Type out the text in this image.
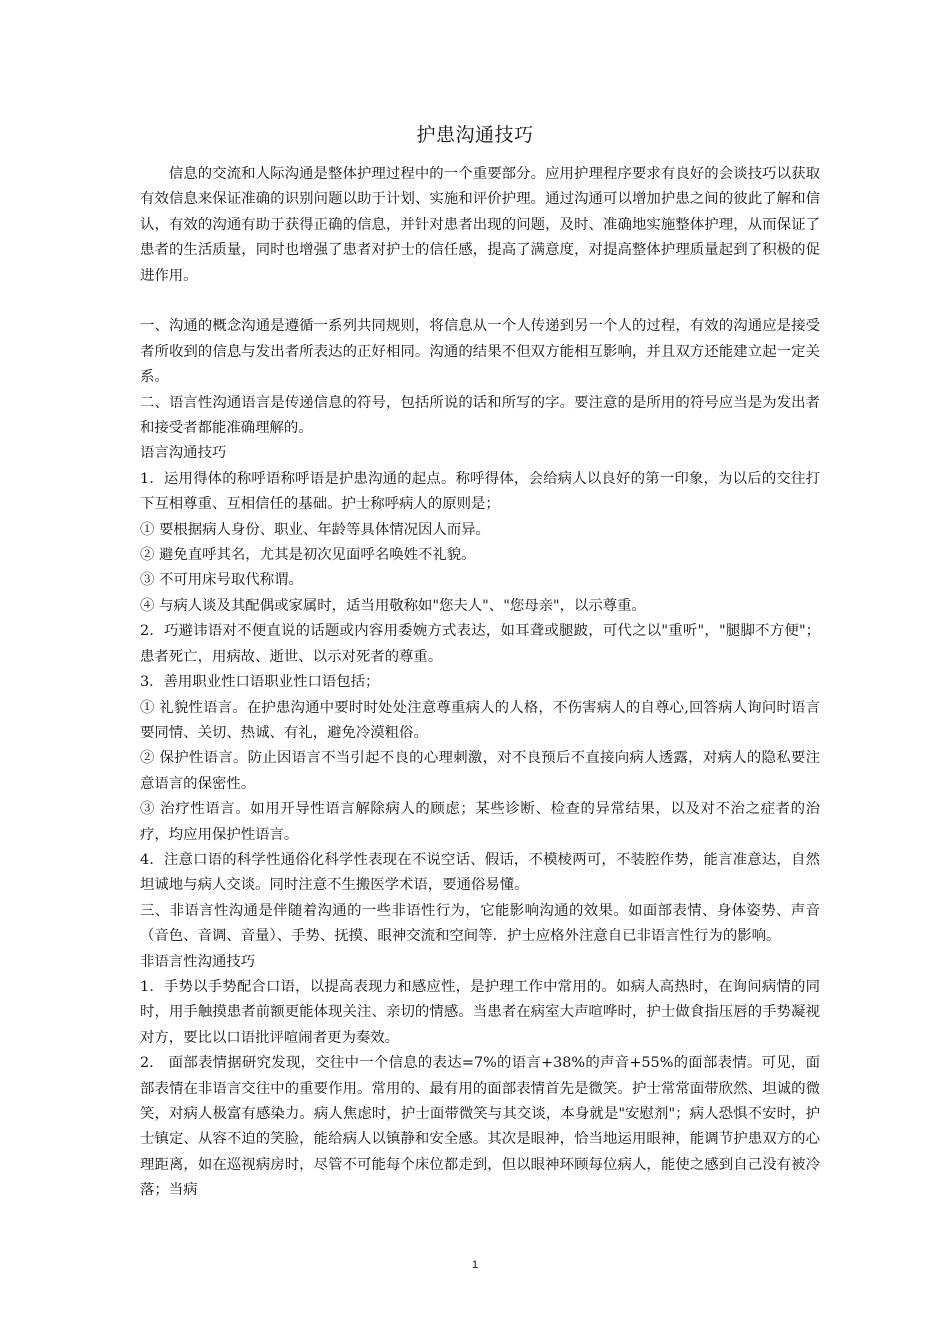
护患沟通技巧

信息的交流和人际沟通是整体护理过程中的一个重要部分。应用护理程序要求有良好的会谈技巧以获取有效信息来保证准确的识别问题以助于计划、实施和评价护理。通过沟通可以增加护患之间的彼此了解和信认，有效的沟通有助于获得正确的信息，并针对患者出现的问题，及时、准确地实施整体护理，从而保证了患者的生活质量，同时也增强了患者对护士的信任感，提高了满意度，对提高整体护理质量起到了积极的促进作用。

一、沟通的概念沟通是遵循一系列共同规则，将信息从一个人传递到另一个人的过程，有效的沟通应是接受者所收到的信息与发出者所表达的正好相同。沟通的结果不但双方能相互影响，并且双方还能建立起一定关系。

二、语言性沟通语言是传递信息的符号，包括所说的话和所写的字。要注意的是所用的符号应当是为发出者和接受者都能准确理解的。

语言沟通技巧

1．运用得体的称呼语称呼语是护患沟通的起点。称呼得体，会给病人以良好的第一印象，为以后的交往打下互相尊重、互相信任的基础。护士称呼病人的原则是；

① 要根据病人身份、职业、年龄等具体情况因人而异。

② 避免直呼其名，尤其是初次见面呼名唤姓不礼貌。

③ 不可用床号取代称谓。

④ 与病人谈及其配偶或家属时，适当用敬称如"您夫人"、"您母亲"，以示尊重。

2．巧避讳语对不便直说的话题或内容用委婉方式表达，如耳聋或腿跛，可代之以"重听"，"腿脚不方便"；患者死亡，用病故、逝世、以示对死者的尊重。

3．善用职业性口语职业性口语包括；

① 礼貌性语言。在护患沟通中要时时处处注意尊重病人的人格，不伤害病人的自尊心,回答病人询问时语言要同情、关切、热诚、有礼，避免冷漠粗俗。

② 保护性语言。防止因语言不当引起不良的心理刺激，对不良预后不直接向病人透露，对病人的隐私要注意语言的保密性。

③ 治疗性语言。如用开导性语言解除病人的顾虑；某些诊断、检查的异常结果，以及对不治之症者的治疗，均应用保护性语言。

4．注意口语的科学性通俗化科学性表现在不说空话、假话，不模棱两可，不装腔作势，能言准意达，自然坦诚地与病人交谈。同时注意不生搬医学术语，要通俗易懂。

三、非语言性沟通是伴随着沟通的一些非语性行为，它能影响沟通的效果。如面部表情、身体姿势、声音（音色、音调、音量）、手势、抚摸、眼神交流和空间等．护士应格外注意自已非语言性行为的影响。

非语言性沟通技巧

1．手势以手势配合口语，以提高表现力和感应性，是护理工作中常用的。如病人高热时，在询问病情的同时，用手触摸患者前额更能体现关注、亲切的情感。当患者在病室大声喧哗时，护士做食指压唇的手势凝视对方，要比以口语批评喧闹者更为奏效。

2.　面部表情据研究发现，交往中一个信息的表达=7%的语言+38%的声音+55%的面部表情。可见，面部表情在非语言交往中的重要作用。常用的、最有用的面部表情首先是微笑。护士常常面带欣然、坦诚的微笑，对病人极富有感染力。病人焦虑时，护士面带微笑与其交谈，本身就是"安慰剂"；病人恐惧不安时，护士镇定、从容不迫的笑脸，能给病人以镇静和安全感。其次是眼神，恰当地运用眼神，能调节护患双方的心理距离，如在巡视病房时，尽管不可能每个床位都走到，但以眼神环顾每位病人，能使之感到自己没有被冷落；当病

1
